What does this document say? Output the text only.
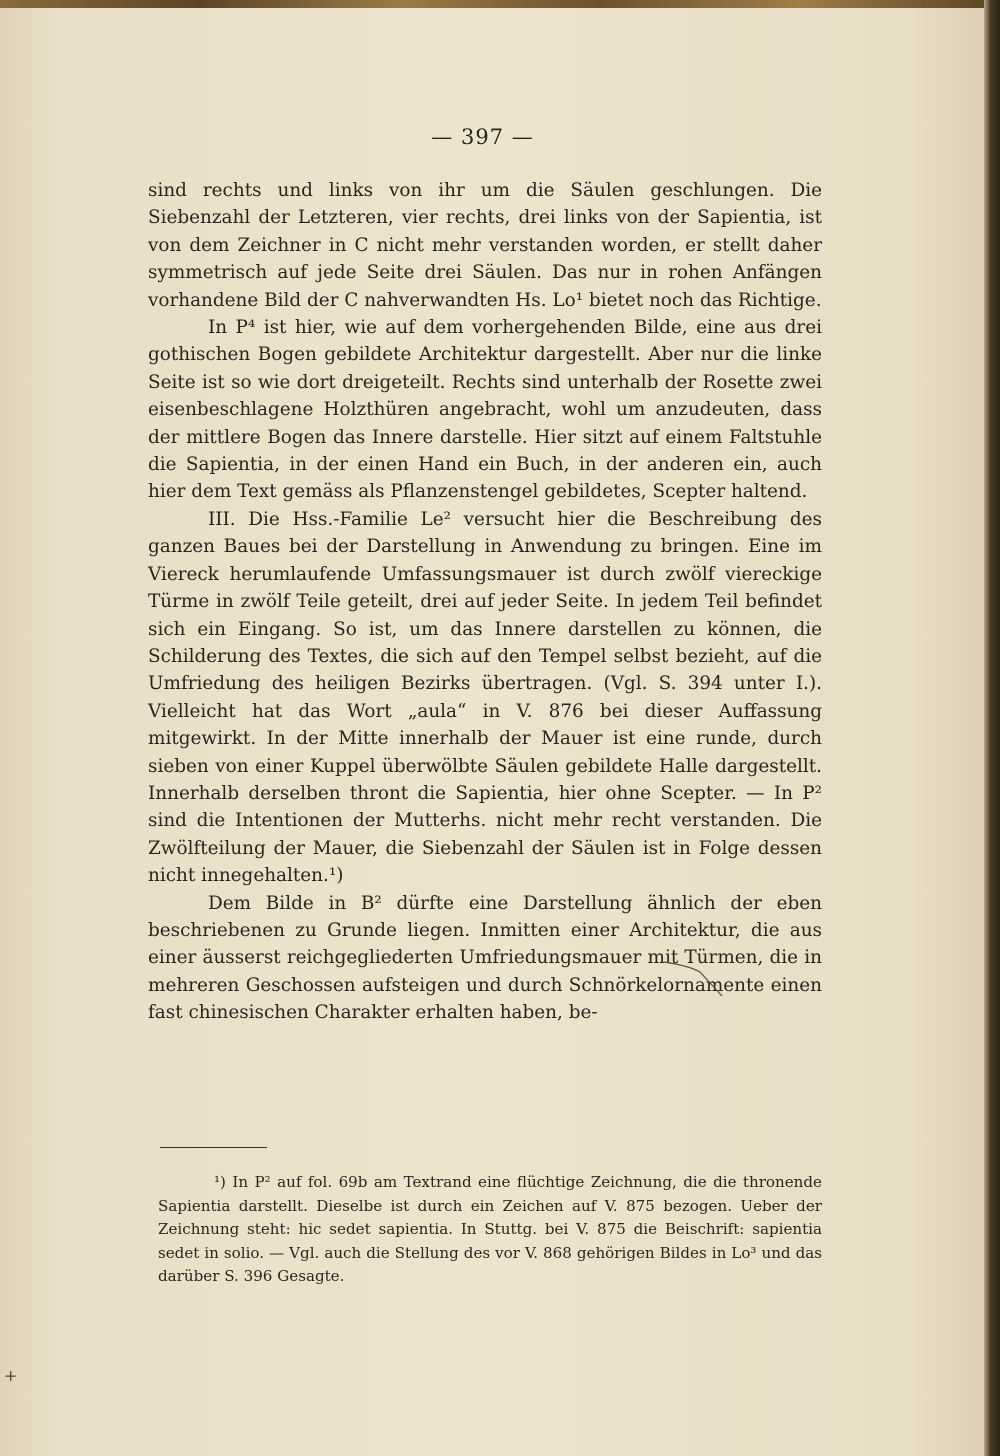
— 397 —

sind rechts und links von ihr um die Säulen geschlungen. Die Siebenzahl der Letzteren, vier rechts, drei links von der Sapientia, ist von dem Zeichner in C nicht mehr verstanden worden, er stellt daher symmetrisch auf jede Seite drei Säulen. Das nur in rohen Anfängen vorhandene Bild der C nahverwandten Hs. Lo¹ bietet noch das Richtige.

In P⁴ ist hier, wie auf dem vorhergehenden Bilde, eine aus drei gothischen Bogen gebildete Architektur dargestellt. Aber nur die linke Seite ist so wie dort dreigeteilt. Rechts sind unterhalb der Rosette zwei eisenbeschlagene Holzthüren angebracht, wohl um anzudeuten, dass der mittlere Bogen das Innere darstelle. Hier sitzt auf einem Faltstuhle die Sapientia, in der einen Hand ein Buch, in der anderen ein, auch hier dem Text gemäss als Pflanzenstengel gebildetes, Scepter haltend.

III. Die Hss.-Familie Le² versucht hier die Beschreibung des ganzen Baues bei der Darstellung in Anwendung zu bringen. Eine im Viereck herumlaufende Umfassungsmauer ist durch zwölf viereckige Türme in zwölf Teile geteilt, drei auf jeder Seite. In jedem Teil befindet sich ein Eingang. So ist, um das Innere darstellen zu können, die Schilderung des Textes, die sich auf den Tempel selbst bezieht, auf die Umfriedung des heiligen Bezirks übertragen. (Vgl. S. 394 unter I.). Vielleicht hat das Wort „aula“ in V. 876 bei dieser Auffassung mitgewirkt. In der Mitte innerhalb der Mauer ist eine runde, durch sieben von einer Kuppel überwölbte Säulen gebildete Halle dargestellt. Innerhalb derselben thront die Sapientia, hier ohne Scepter. — In P² sind die Intentionen der Mutterhs. nicht mehr recht verstanden. Die Zwölfteilung der Mauer, die Siebenzahl der Säulen ist in Folge dessen nicht innegehalten.¹)

Dem Bilde in B² dürfte eine Darstellung ähnlich der eben beschriebenen zu Grunde liegen. Inmitten einer Architektur, die aus einer äusserst reichgegliederten Umfriedungsmauer mit Türmen, die in mehreren Geschossen aufsteigen und durch Schnörkelornamente einen fast chinesischen Charakter erhalten haben, be-

¹) In P² auf fol. 69b am Textrand eine flüchtige Zeichnung, die die thronende Sapientia darstellt. Dieselbe ist durch ein Zeichen auf V. 875 bezogen. Ueber der Zeichnung steht: hic sedet sapientia. In Stuttg. bei V. 875 die Beischrift: sapientia sedet in solio. — Vgl. auch die Stellung des vor V. 868 gehörigen Bildes in Lo³ und das darüber S. 396 Gesagte.

+
